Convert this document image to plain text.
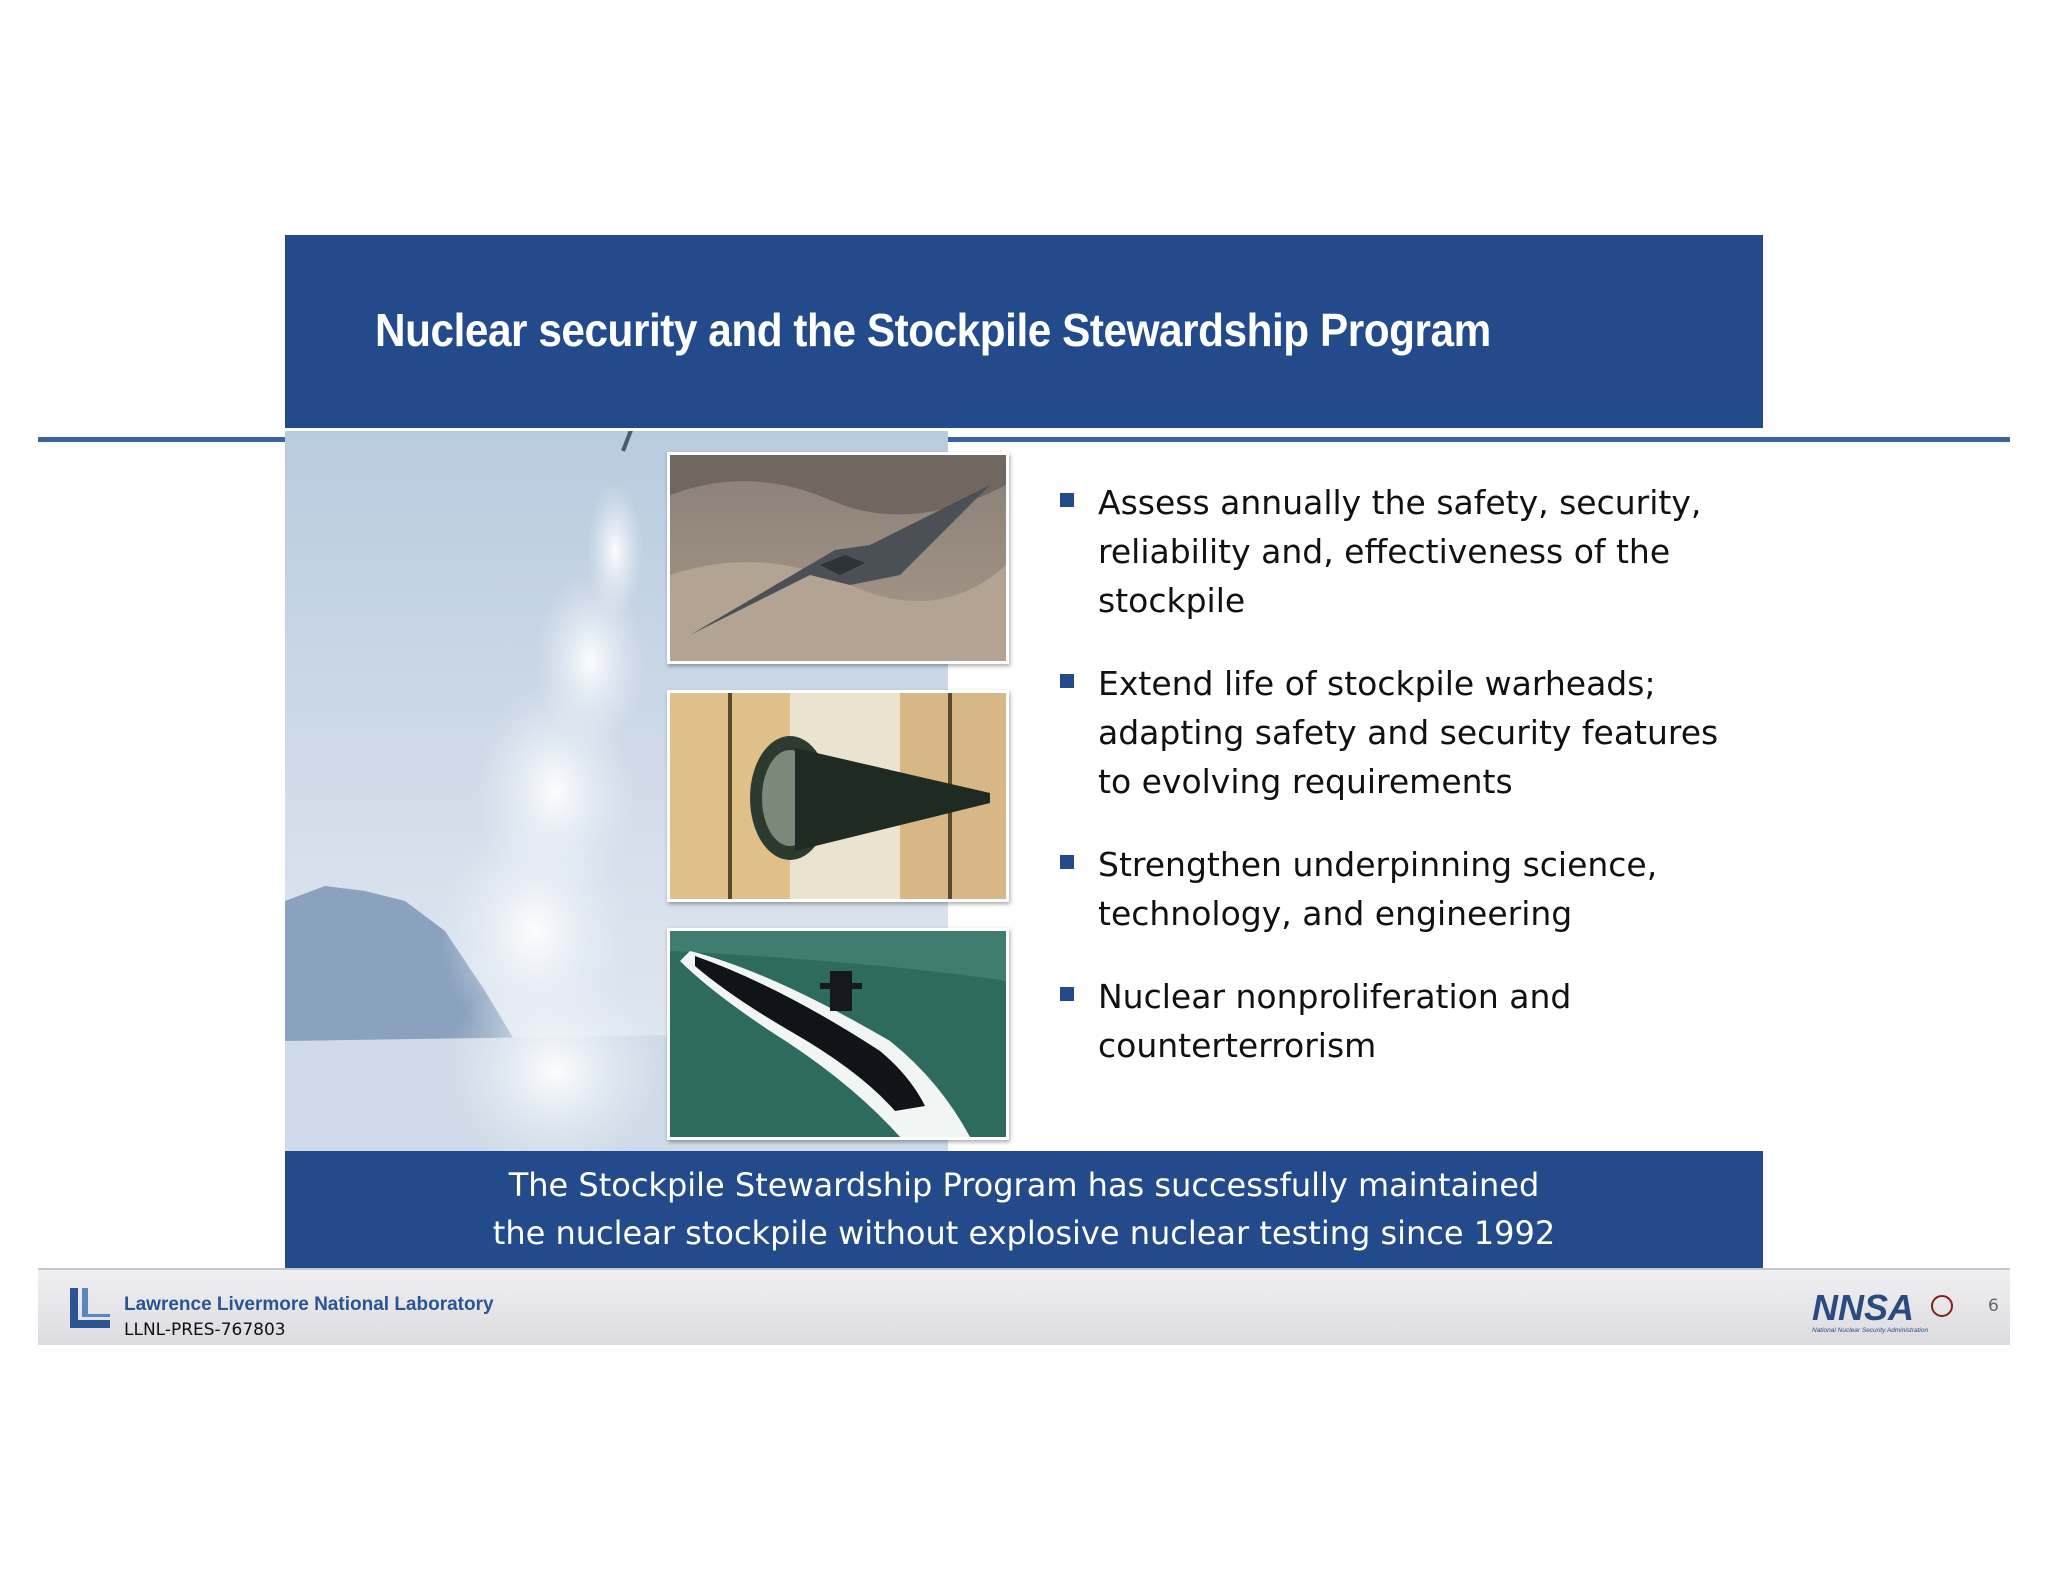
Nuclear security and the Stockpile Stewardship Program
Assess annually the safety, security,
reliability and, effectiveness of the
stockpile
Extend life of stockpile warheads;
adapting safety and security features
to evolving requirements
Strengthen underpinning science,
technology, and engineering
Nuclear nonproliferation and
counterterrorism
The Stockpile Stewardship Program has successfully maintained
the nuclear stockpile without explosive nuclear testing since 1992
Lawrence Livermore National Laboratory
LLNL-PRES-767803
NNSA
National Nuclear Security Administration
6
